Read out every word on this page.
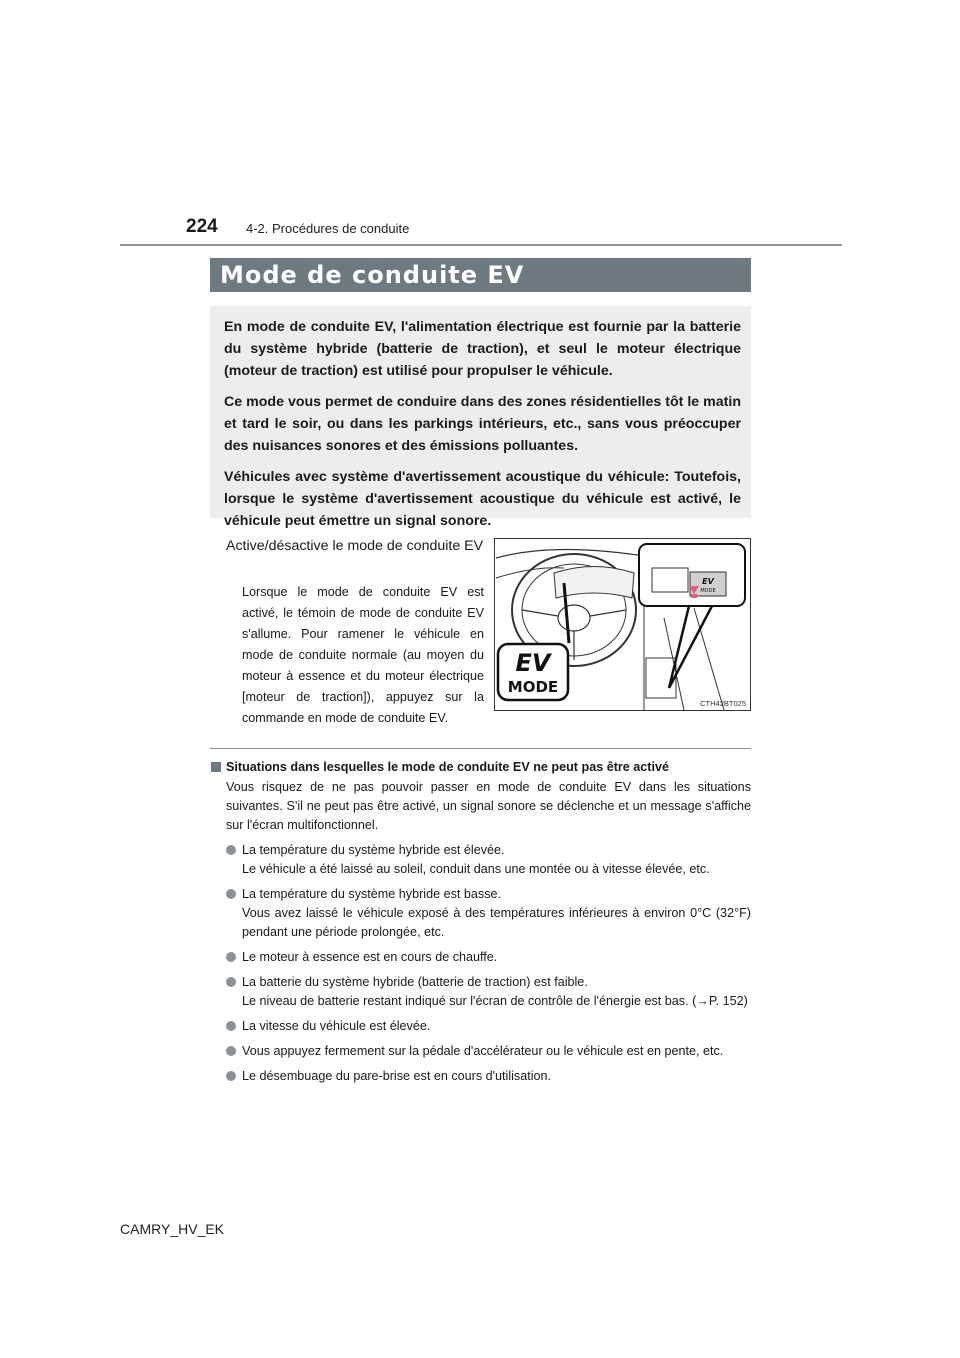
224 4-2. Procédures de conduite
Mode de conduite EV

En mode de conduite EV, l'alimentation électrique est fournie par la batterie du système hybride (batterie de traction), et seul le moteur électrique (moteur de traction) est utilisé pour propulser le véhicule.

Ce mode vous permet de conduire dans des zones résidentielles tôt le matin et tard le soir, ou dans les parkings intérieurs, etc., sans vous préoccuper des nuisances sonores et des émissions polluantes.

Véhicules avec système d'avertissement acoustique du véhicule: Toutefois, lorsque le système d'avertissement acoustique du véhicule est activé, le véhicule peut émettre un signal sonore.

Active/désactive le mode de conduite EV
Lorsque le mode de conduite EV est activé, le témoin de mode de conduite EV s'allume. Pour ramener le véhicule en mode de conduite normale (au moyen du moteur à essence et du moteur électrique [moteur de traction]), appuyez sur la commande en mode de conduite EV.
EV
MODE
EV
MODE
CTH42BT025
Situations dans lesquelles le mode de conduite EV ne peut pas être activé
Vous risquez de ne pas pouvoir passer en mode de conduite EV dans les situations suivantes. S'il ne peut pas être activé, un signal sonore se déclenche et un message s'affiche sur l'écran multifonctionnel.
La température du système hybride est élevée.
Le véhicule a été laissé au soleil, conduit dans une montée ou à vitesse élevée, etc.
La température du système hybride est basse.
Vous avez laissé le véhicule exposé à des températures inférieures à environ 0°C (32°F) pendant une période prolongée, etc.
Le moteur à essence est en cours de chauffe.
La batterie du système hybride (batterie de traction) est faible.
Le niveau de batterie restant indiqué sur l'écran de contrôle de l'énergie est bas. (→P. 152)
La vitesse du véhicule est élevée.
Vous appuyez fermement sur la pédale d'accélérateur ou le véhicule est en pente, etc.
Le désembuage du pare-brise est en cours d'utilisation.
CAMRY_HV_EK
